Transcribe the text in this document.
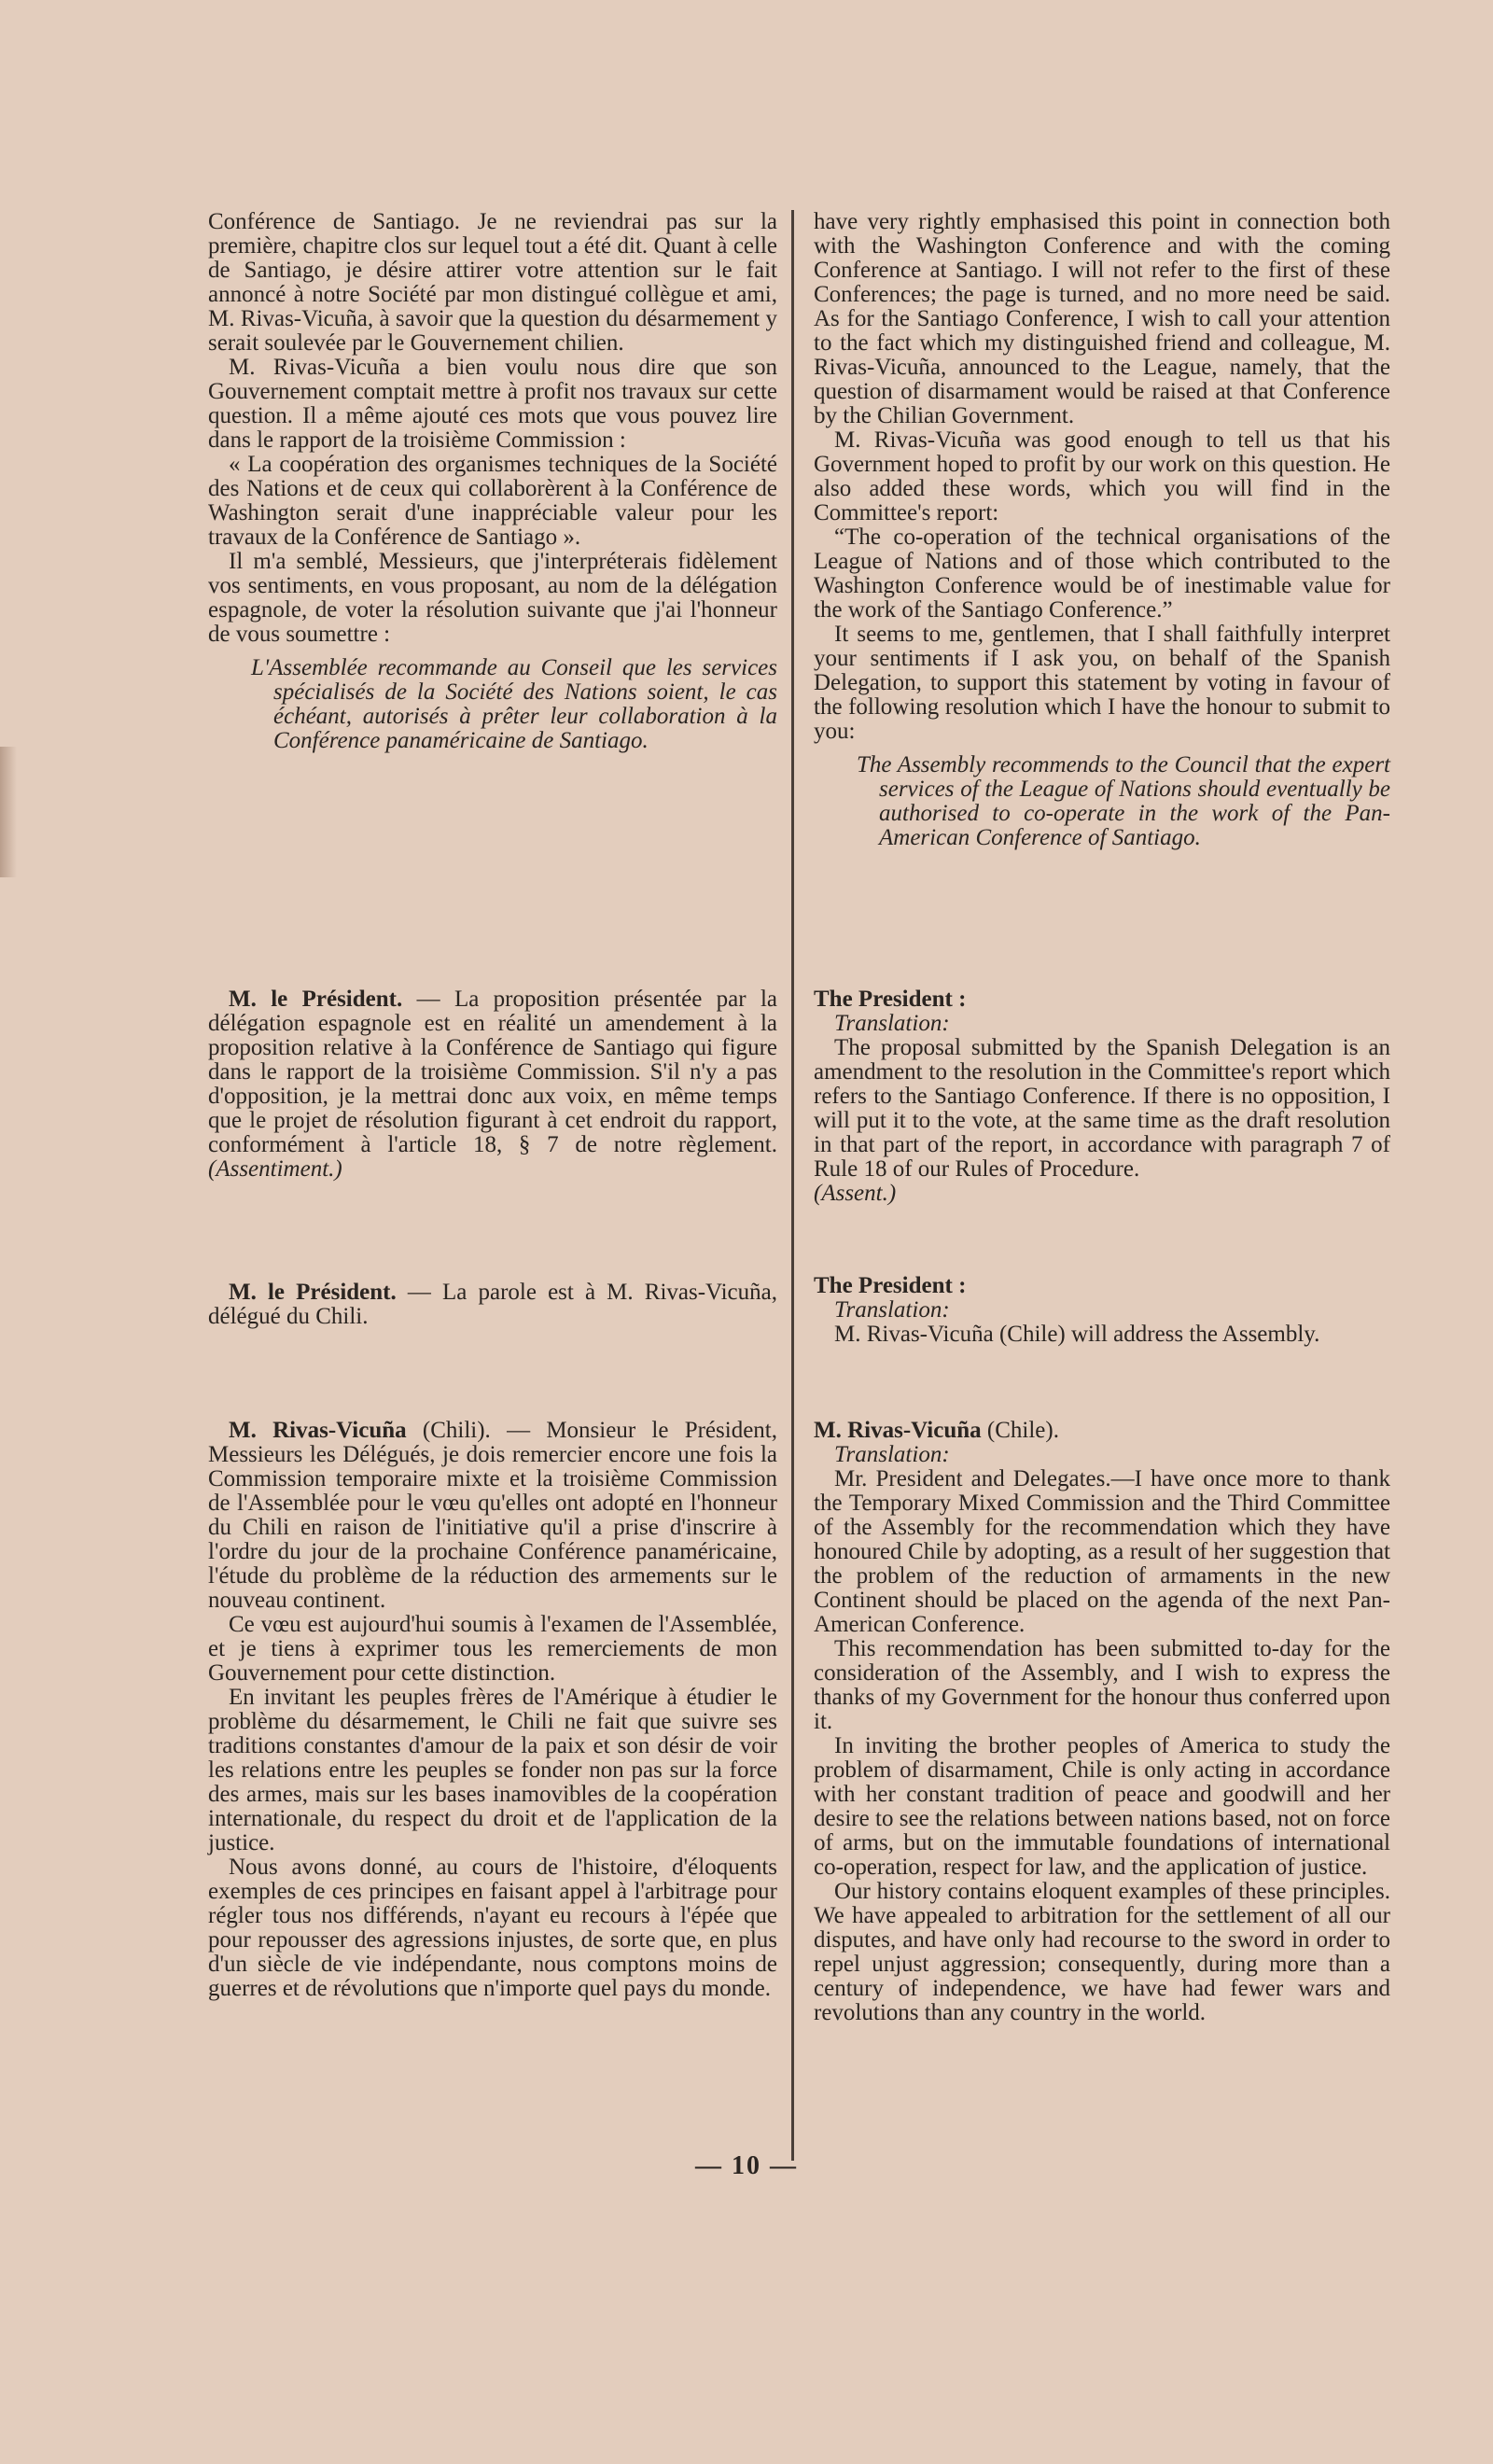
Conférence de Santiago. Je ne reviendrai pas sur la première, chapitre clos sur lequel tout a été dit. Quant à celle de Santiago, je désire attirer votre attention sur le fait annoncé à notre Société par mon distingué collègue et ami, M. Rivas-Vicuña, à savoir que la question du désarmement y serait soulevée par le Gouvernement chilien.

M. Rivas-Vicuña a bien voulu nous dire que son Gouvernement comptait mettre à profit nos travaux sur cette question. Il a même ajouté ces mots que vous pouvez lire dans le rapport de la troisième Commission :

« La coopération des organismes techniques de la Société des Nations et de ceux qui collaborèrent à la Conférence de Washington serait d'une inappréciable valeur pour les travaux de la Conférence de Santiago ».

Il m'a semblé, Messieurs, que j'interpréterais fidèlement vos sentiments, en vous proposant, au nom de la délégation espagnole, de voter la résolution suivante que j'ai l'honneur de vous soumettre :

L'Assemblée recommande au Conseil que les services spécialisés de la Société des Nations soient, le cas échéant, autorisés à prêter leur collaboration à la Conférence panaméricaine de Santiago.

M. le Président. — La proposition présentée par la délégation espagnole est en réalité un amendement à la proposition relative à la Conférence de Santiago qui figure dans le rapport de la troisième Commission. S'il n'y a pas d'opposition, je la mettrai donc aux voix, en même temps que le projet de résolution figurant à cet endroit du rapport, conformément à l'article 18, § 7 de notre règlement. (Assentiment.)

M. le Président. — La parole est à M. Rivas-Vicuña, délégué du Chili.

M. Rivas-Vicuña (Chili). — Monsieur le Président, Messieurs les Délégués, je dois remercier encore une fois la Commission temporaire mixte et la troisième Commission de l'Assemblée pour le vœu qu'elles ont adopté en l'honneur du Chili en raison de l'initiative qu'il a prise d'inscrire à l'ordre du jour de la prochaine Conférence panaméricaine, l'étude du problème de la réduction des armements sur le nouveau continent.

Ce vœu est aujourd'hui soumis à l'examen de l'Assemblée, et je tiens à exprimer tous les remerciements de mon Gouvernement pour cette distinction.

En invitant les peuples frères de l'Amérique à étudier le problème du désarmement, le Chili ne fait que suivre ses traditions constantes d'amour de la paix et son désir de voir les relations entre les peuples se fonder non pas sur la force des armes, mais sur les bases inamovibles de la coopération internationale, du respect du droit et de l'application de la justice.

Nous avons donné, au cours de l'histoire, d'éloquents exemples de ces principes en faisant appel à l'arbitrage pour régler tous nos différends, n'ayant eu recours à l'épée que pour repousser des agressions injustes, de sorte que, en plus d'un siècle de vie indépendante, nous comptons moins de guerres et de révolutions que n'importe quel pays du monde.

have very rightly emphasised this point in connection both with the Washington Conference and with the coming Conference at Santiago. I will not refer to the first of these Conferences; the page is turned, and no more need be said. As for the Santiago Conference, I wish to call your attention to the fact which my distinguished friend and colleague, M. Rivas-Vicuña, announced to the League, namely, that the question of disarmament would be raised at that Conference by the Chilian Government.

M. Rivas-Vicuña was good enough to tell us that his Government hoped to profit by our work on this question. He also added these words, which you will find in the Committee's report:

“The co-operation of the technical organisations of the League of Nations and of those which contributed to the Washington Conference would be of inestimable value for the work of the Santiago Conference.”

It seems to me, gentlemen, that I shall faithfully interpret your sentiments if I ask you, on behalf of the Spanish Delegation, to support this statement by voting in favour of the following resolution which I have the honour to submit to you:

The Assembly recommends to the Council that the expert services of the League of Nations should eventually be authorised to co-operate in the work of the Pan-American Conference of Santiago.

The President :

Translation:

The proposal submitted by the Spanish Delegation is an amendment to the resolution in the Committee's report which refers to the Santiago Conference. If there is no opposition, I will put it to the vote, at the same time as the draft resolution in that part of the report, in accordance with paragraph 7 of Rule 18 of our Rules of Procedure.

(Assent.)

The President :

Translation:

M. Rivas-Vicuña (Chile) will address the Assembly.

M. Rivas-Vicuña (Chile).

Translation:

Mr. President and Delegates.—I have once more to thank the Temporary Mixed Commission and the Third Committee of the Assembly for the recommendation which they have honoured Chile by adopting, as a result of her suggestion that the problem of the reduction of armaments in the new Continent should be placed on the agenda of the next Pan-American Conference.

This recommendation has been submitted to-day for the consideration of the Assembly, and I wish to express the thanks of my Government for the honour thus conferred upon it.

In inviting the brother peoples of America to study the problem of disarmament, Chile is only acting in accordance with her constant tradition of peace and goodwill and her desire to see the relations between nations based, not on force of arms, but on the immutable foundations of international co-operation, respect for law, and the application of justice.

Our history contains eloquent examples of these principles. We have appealed to arbitration for the settlement of all our disputes, and have only had recourse to the sword in order to repel unjust aggression; consequently, during more than a century of independence, we have had fewer wars and revolutions than any country in the world.

— 10 —
